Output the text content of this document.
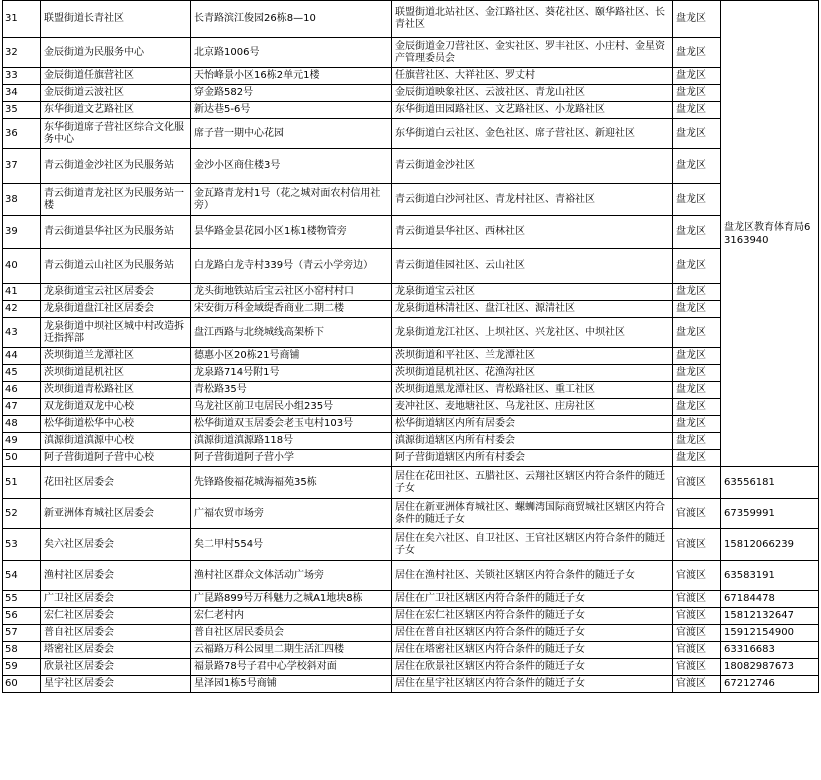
31	联盟街道长青社区	长青路滨江俊园26栋8—10	联盟街道北站社区、金江路社区、葵花社区、颐华路社区、长青社区	盘龙区	盘龙区教育体育局63163940
32	金辰街道为民服务中心	北京路1006号	金辰街道金刀营社区、金实社区、罗丰社区、小庄村、金星资产管理委员会	盘龙区	
33	金辰街道任旗营社区	天怡峰景小区16栋2单元1楼	任旗营社区、大祥社区、罗丈村	盘龙区	
34	金辰街道云波社区	穿金路582号	金辰街道映象社区、云波社区、青龙山社区	盘龙区	
35	东华街道文艺路社区	新达巷5-6号	东华街道田园路社区、文艺路社区、小龙路社区	盘龙区	
36	东华街道席子营社区综合文化服务中心	席子营一期中心花园	东华街道白云社区、金色社区、席子营社区、新迎社区	盘龙区	
37	青云街道金沙社区为民服务站	金沙小区商住楼3号	青云街道金沙社区	盘龙区	
38	青云街道青龙社区为民服务站一楼	金瓦路青龙村1号（花之城对面农村信用社旁）	青云街道白沙河社区、青龙村社区、青裕社区	盘龙区	
39	青云街道昙华社区为民服务站	昙华路金昙花园小区1栋1楼物管旁	青云街道昙华社区、西林社区	盘龙区	
40	青云街道云山社区为民服务站	白龙路白龙寺村339号（青云小学旁边）	青云街道佳园社区、云山社区	盘龙区	
41	龙泉街道宝云社区居委会	龙头街地铁站后宝云社区小窑村村口	龙泉街道宝云社区	盘龙区	
42	龙泉街道盘江社区居委会	宋安街万科金域缇香商业二期二楼	龙泉街道林清社区、盘江社区、源清社区	盘龙区	
43	龙泉街道中坝社区城中村改造拆迁指挥部	盘江西路与北绕城线高架桥下	龙泉街道龙江社区、上坝社区、兴龙社区、中坝社区	盘龙区	
44	茨坝街道兰龙潭社区	德惠小区20栋21号商铺	茨坝街道和平社区、兰龙潭社区	盘龙区	
45	茨坝街道昆机社区	龙泉路714号附1号	茨坝街道昆机社区、花渔沟社区	盘龙区	
46	茨坝街道青松路社区	青松路35号	茨坝街道黑龙潭社区、青松路社区、重工社区	盘龙区	
47	双龙街道双龙中心校	乌龙社区前卫屯居民小组235号	麦冲社区、麦地塘社区、乌龙社区、庄房社区	盘龙区	
48	松华街道松华中心校	松华街道双玉居委会老玉屯村103号	松华街道辖区内所有居委会	盘龙区	
49	滇源街道滇源中心校	滇源街道滇源路118号	滇源街道辖区内所有村委会	盘龙区	
50	阿子营街道阿子营中心校	阿子营街道阿子营小学	阿子营街道辖区内所有村委会	盘龙区	
51	花田社区居委会	先锋路俊福花城海福苑35栋	居住在花田社区、五腊社区、云翔社区辖区内符合条件的随迁子女	官渡区	63556181
52	新亚洲体育城社区居委会	广福农贸市场旁	居住在新亚洲体育城社区、螺蛳湾国际商贸城社区辖区内符合条件的随迁子女	官渡区	67359991
53	矣六社区居委会	矣二甲村554号	居住在矣六社区、自卫社区、王官社区辖区内符合条件的随迁子女	官渡区	15812066239
54	渔村社区居委会	渔村社区群众文体活动广场旁	居住在渔村社区、关锁社区辖区内符合条件的随迁子女	官渡区	63583191
55	广卫社区居委会	广昆路899号万科魅力之城A1地块8栋	居住在广卫社区辖区内符合条件的随迁子女	官渡区	67184478
56	宏仁社区居委会	宏仁老村内	居住在宏仁社区辖区内符合条件的随迁子女	官渡区	15812132647
57	普自社区居委会	普自社区居民委员会	居住在普自社区辖区内符合条件的随迁子女	官渡区	15912154900
58	塔密社区居委会	云福路万科公园里二期生活汇四楼	居住在塔密社区辖区内符合条件的随迁子女	官渡区	63316683
59	欣景社区居委会	福景路78号子君中心学校斜对面	居住在欣景社区辖区内符合条件的随迁子女	官渡区	18082987673
60	星宇社区居委会	星泽园1栋5号商铺	居住在星宇社区辖区内符合条件的随迁子女	官渡区	67212746
